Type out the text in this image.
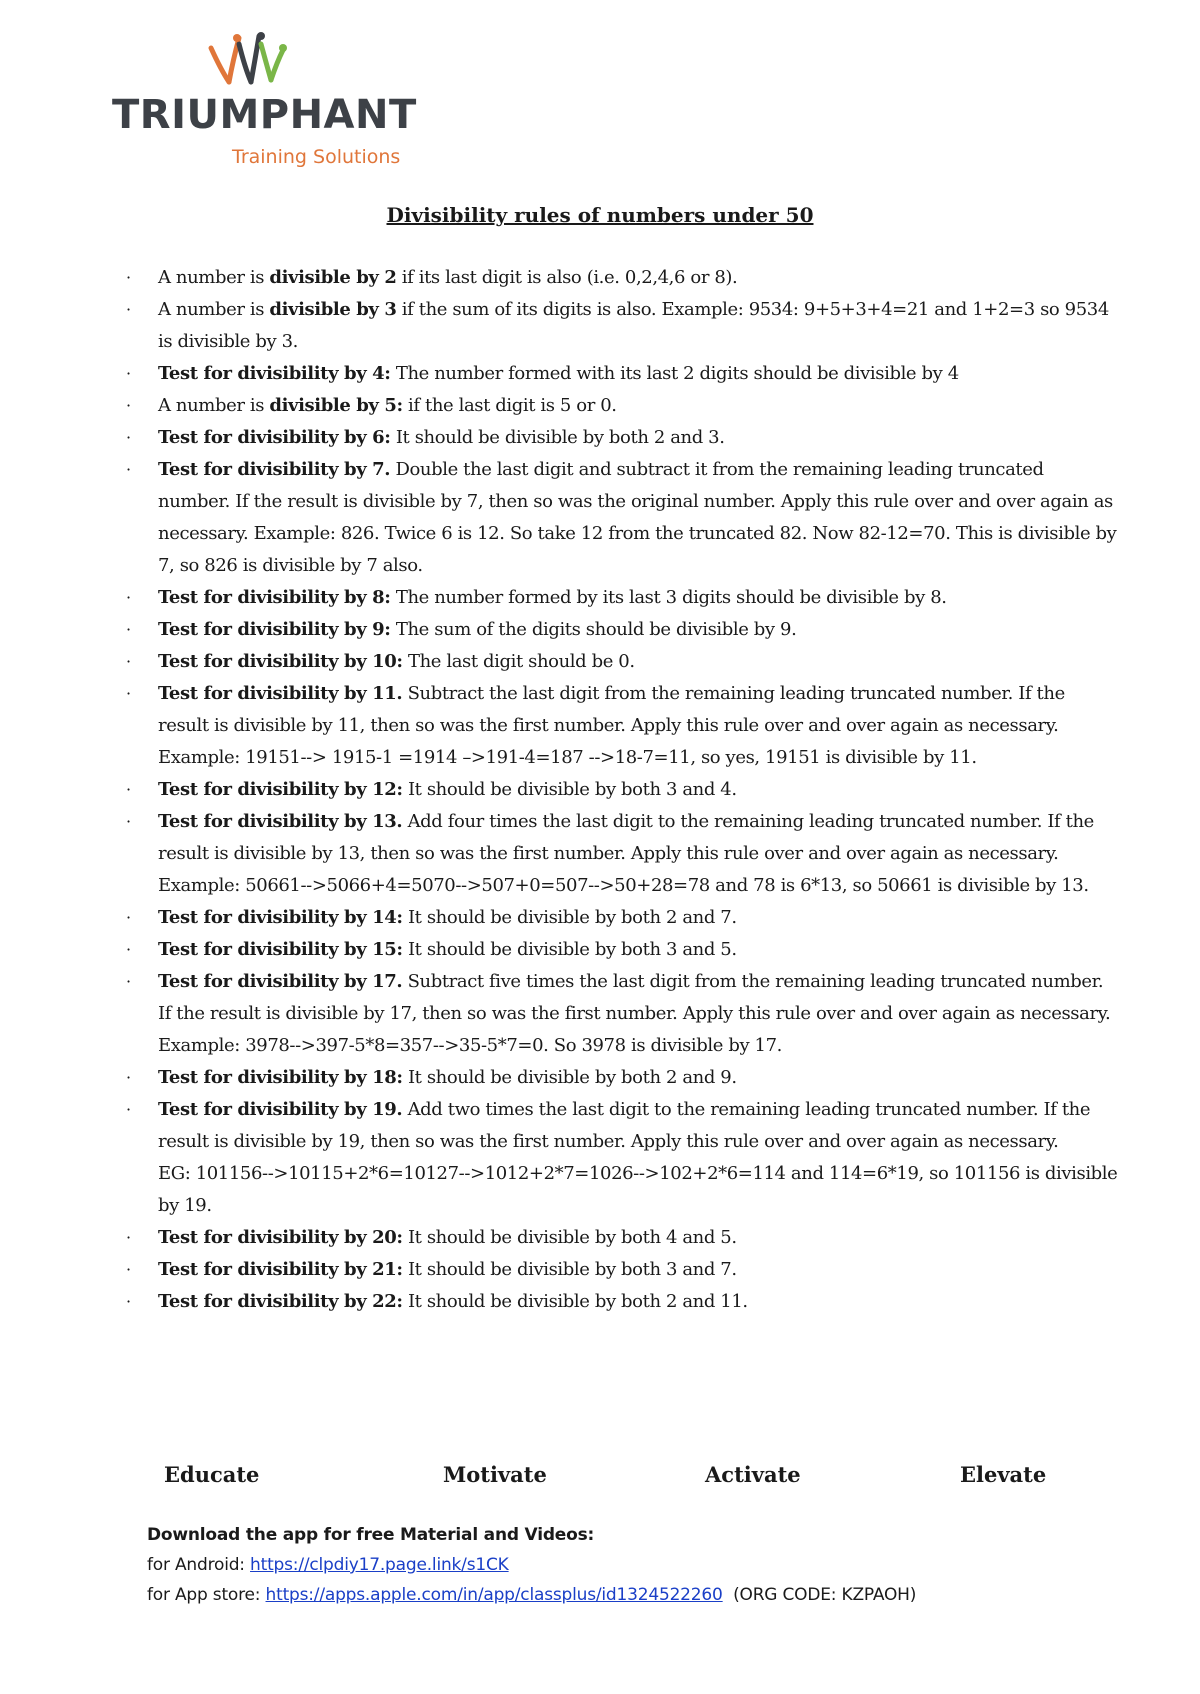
TRIUMPHANT
Training Solutions
Divisibility rules of numbers under 50
· A number is divisible by 2 if its last digit is also (i.e. 0,2,4,6 or 8).
· A number is divisible by 3 if the sum of its digits is also. Example: 9534: 9+5+3+4=21 and 1+2=3 so 9534 is divisible by 3.
· Test for divisibility by 4: The number formed with its last 2 digits should be divisible by 4
· A number is divisible by 5: if the last digit is 5 or 0.
· Test for divisibility by 6: It should be divisible by both 2 and 3.
· Test for divisibility by 7. Double the last digit and subtract it from the remaining leading truncated number. If the result is divisible by 7, then so was the original number. Apply this rule over and over again as necessary. Example: 826. Twice 6 is 12. So take 12 from the truncated 82. Now 82-12=70. This is divisible by 7, so 826 is divisible by 7 also.
· Test for divisibility by 8: The number formed by its last 3 digits should be divisible by 8.
· Test for divisibility by 9: The sum of the digits should be divisible by 9.
· Test for divisibility by 10: The last digit should be 0.
· Test for divisibility by 11. Subtract the last digit from the remaining leading truncated number. If the result is divisible by 11, then so was the first number. Apply this rule over and over again as necessary.
Example: 19151--> 1915-1 =1914 –>191-4=187 -->18-7=11, so yes, 19151 is divisible by 11.
· Test for divisibility by 12: It should be divisible by both 3 and 4.
· Test for divisibility by 13. Add four times the last digit to the remaining leading truncated number. If the result is divisible by 13, then so was the first number. Apply this rule over and over again as necessary.
Example: 50661-->5066+4=5070-->507+0=507-->50+28=78 and 78 is 6*13, so 50661 is divisible by 13.
· Test for divisibility by 14: It should be divisible by both 2 and 7.
· Test for divisibility by 15: It should be divisible by both 3 and 5.
· Test for divisibility by 17. Subtract five times the last digit from the remaining leading truncated number. If the result is divisible by 17, then so was the first number. Apply this rule over and over again as necessary.
Example: 3978-->397-5*8=357-->35-5*7=0. So 3978 is divisible by 17.
· Test for divisibility by 18: It should be divisible by both 2 and 9.
· Test for divisibility by 19. Add two times the last digit to the remaining leading truncated number. If the result is divisible by 19, then so was the first number. Apply this rule over and over again as necessary.
EG: 101156-->10115+2*6=10127-->1012+2*7=1026-->102+2*6=114 and 114=6*19, so 101156 is divisible by 19.
· Test for divisibility by 20: It should be divisible by both 4 and 5.
· Test for divisibility by 21: It should be divisible by both 3 and 7.
· Test for divisibility by 22: It should be divisible by both 2 and 11.
Educate	Motivate	Activate	Elevate
Download the app for free Material and Videos:
for Android: https://clpdiy17.page.link/s1CK
for App store: https://apps.apple.com/in/app/classplus/id1324522260 (ORG CODE: KZPAOH)
